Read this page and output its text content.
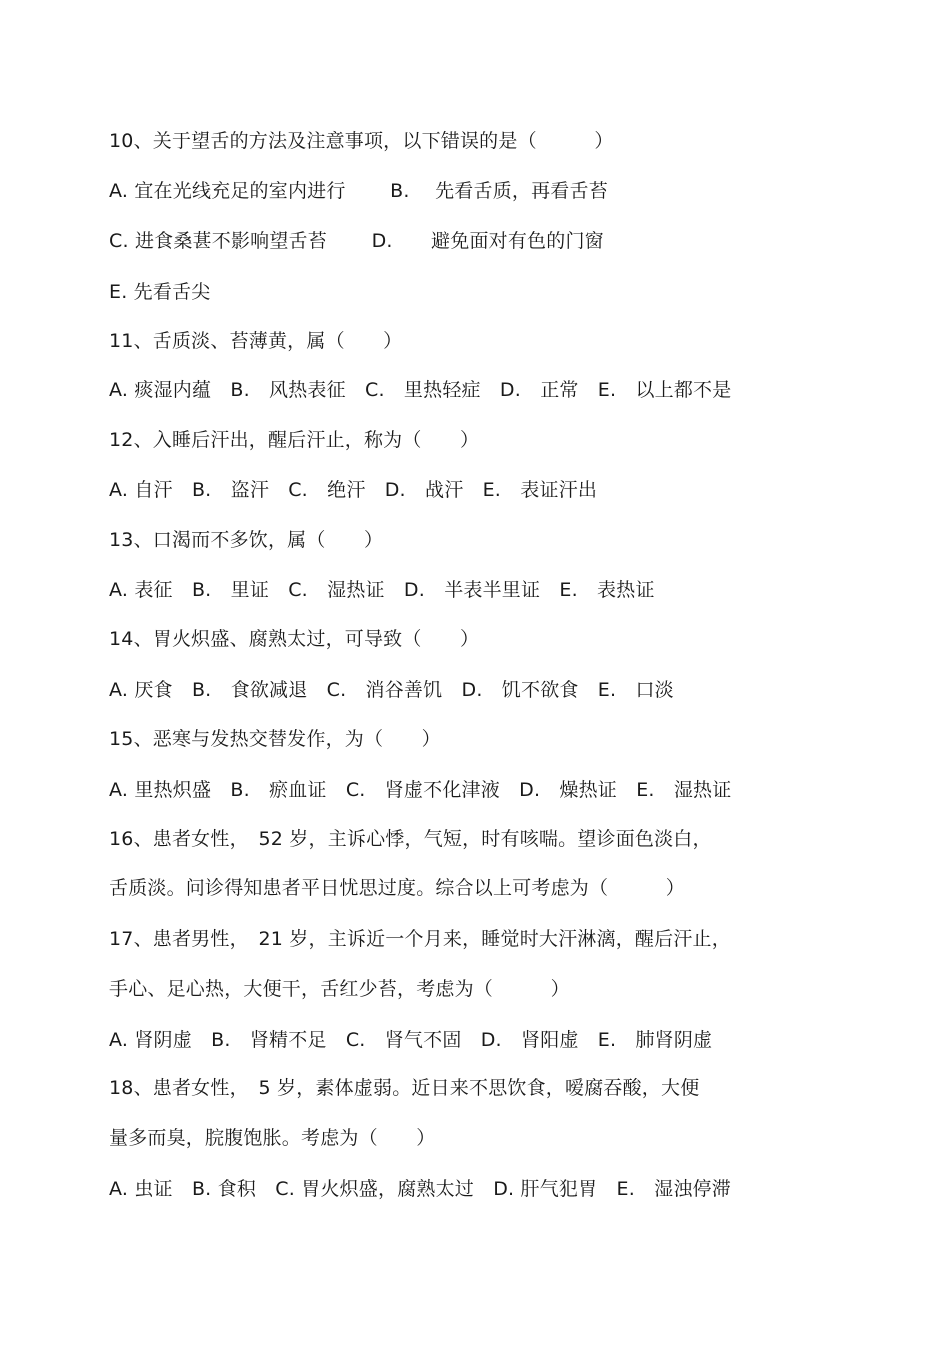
10、关于望舌的方法及注意事项，以下错误的是（　　　）
A. 宜在光线充足的室内进行　　 B.　 先看舌质，再看舌苔
C. 进食桑葚不影响望舌苔　　 D.　　避免面对有色的门窗
E. 先看舌尖
11、舌质淡、苔薄黄，属（　　）
A. 痰湿内蕴　B.　风热表征　C.　里热轻症　D.　正常　E.　以上都不是
12、入睡后汗出，醒后汗止，称为（　　）
A. 自汗　B.　盗汗　C.　绝汗　D.　战汗　E.　表证汗出
13、口渴而不多饮，属（　　）
A. 表征　B.　里证　C.　湿热证　D.　半表半里证　E.　表热证
14、胃火炽盛、腐熟太过，可导致（　　）
A. 厌食　B.　食欲减退　C.　消谷善饥　D.　饥不欲食　E.　口淡
15、恶寒与发热交替发作，为（　　）
A. 里热炽盛　B.　瘀血证　C.　肾虚不化津液　D.　燥热证　E.　湿热证
16、患者女性，　52 岁，主诉心悸，气短，时有咳喘。望诊面色淡白，
舌质淡。问诊得知患者平日忧思过度。综合以上可考虑为（　　　）
17、患者男性，　21 岁，主诉近一个月来，睡觉时大汗淋漓，醒后汗止，
手心、足心热，大便干，舌红少苔，考虑为（　　　）
A. 肾阴虚　B.　肾精不足　C.　肾气不固　D.　肾阳虚　E.　肺肾阴虚
18、患者女性，　5 岁，素体虚弱。近日来不思饮食，嗳腐吞酸，大便
量多而臭，脘腹饱胀。考虑为（　　）
A. 虫证　B. 食积　C. 胃火炽盛，腐熟太过　D. 肝气犯胃　E.　湿浊停滞
